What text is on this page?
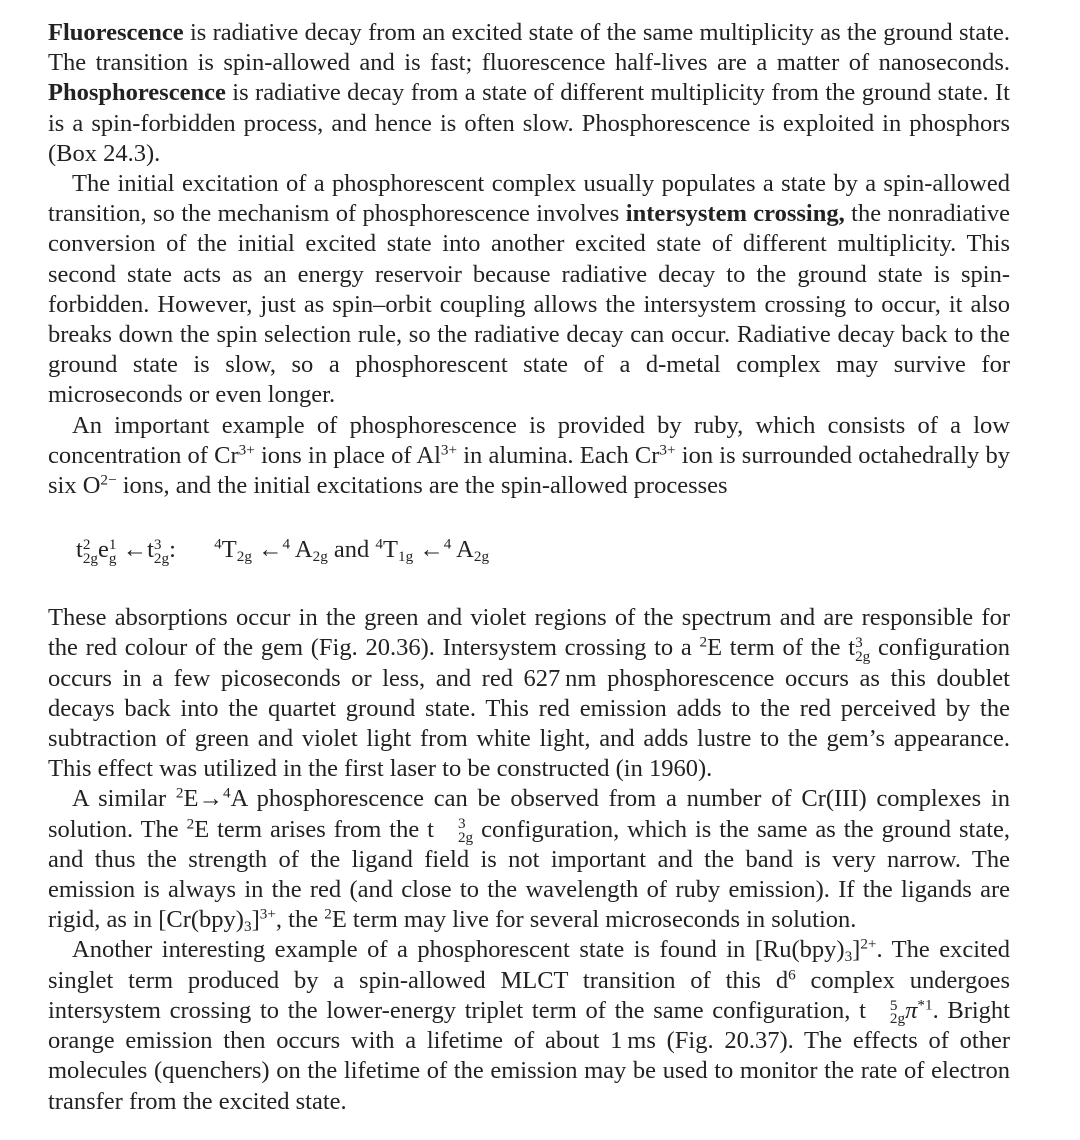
Fluorescence is radiative decay from an excited state of the same multiplicity as the ground state. The transition is spin-allowed and is fast; fluorescence half-lives are a matter of nanoseconds. Phosphorescence is radiative decay from a state of different multiplicity from the ground state. It is a spin-forbidden process, and hence is often slow. Phosphorescence is exploited in phosphors (Box 24.3).

The initial excitation of a phosphorescent complex usually populates a state by a spin-allowed transition, so the mechanism of phosphorescence involves intersystem crossing, the nonradiative conversion of the initial excited state into another excited state of different multiplicity. This second state acts as an energy reservoir because radiative decay to the ground state is spin-forbidden. However, just as spin–orbit coupling allows the intersystem crossing to occur, it also breaks down the spin selection rule, so the radiative decay can occur. Radiative decay back to the ground state is slow, so a phosphorescent state of a d-metal complex may survive for microseconds or even longer.

An important example of phosphorescence is provided by ruby, which consists of a low concentration of $Cr^{3+}$ ions in place of $Al^{3+}$ in alumina. Each $Cr^{3+}$ ion is surrounded octahedrally by six $O^{2-}$ ions, and the initial excitations are the spin-allowed processes

t 2
2g e 1
g ←t 3
2g :	$^4T_{2g}$ ←$^4$ $A_{2g}$ and $^4T_{1g}$ ←$^4$ $A_{2g}$

These absorptions occur in the green and violet regions of the spectrum and are responsible for the red colour of the gem (Fig. 20.36). Intersystem crossing to a $^2$E term of the t 3
2g configuration occurs in a few picoseconds or less, and red 627 nm phosphorescence occurs as this doublet decays back into the quartet ground state. This red emission adds to the red perceived by the subtraction of green and violet light from white light, and adds lustre to the gem’s appearance. This effect was utilized in the first laser to be constructed (in 1960).

A similar $^2$E→$^4$A phosphorescence can be observed from a number of Cr(III) complexes in solution. The $^2$E term arises from the t	3
2g configuration, which is the same as the ground state, and thus the strength of the ligand field is not important and the band is very narrow. The emission is always in the red (and close to the wavelength of ruby emission). If the ligands are rigid, as in $[Cr(bpy)_3]^{3+}$, the $^2$E term may live for several microseconds in solution.

Another interesting example of a phosphorescent state is found in $[Ru(bpy)_3]^{2+}$. The excited singlet term produced by a spin-allowed MLCT transition of this $d^6$ complex undergoes intersystem crossing to the lower-energy triplet term of the same configuration, t	5
2g $\pi^{*1}$. Bright orange emission then occurs with a lifetime of about 1 ms (Fig. 20.37). The effects of other molecules (quenchers) on the lifetime of the emission may be used to monitor the rate of electron transfer from the excited state.
